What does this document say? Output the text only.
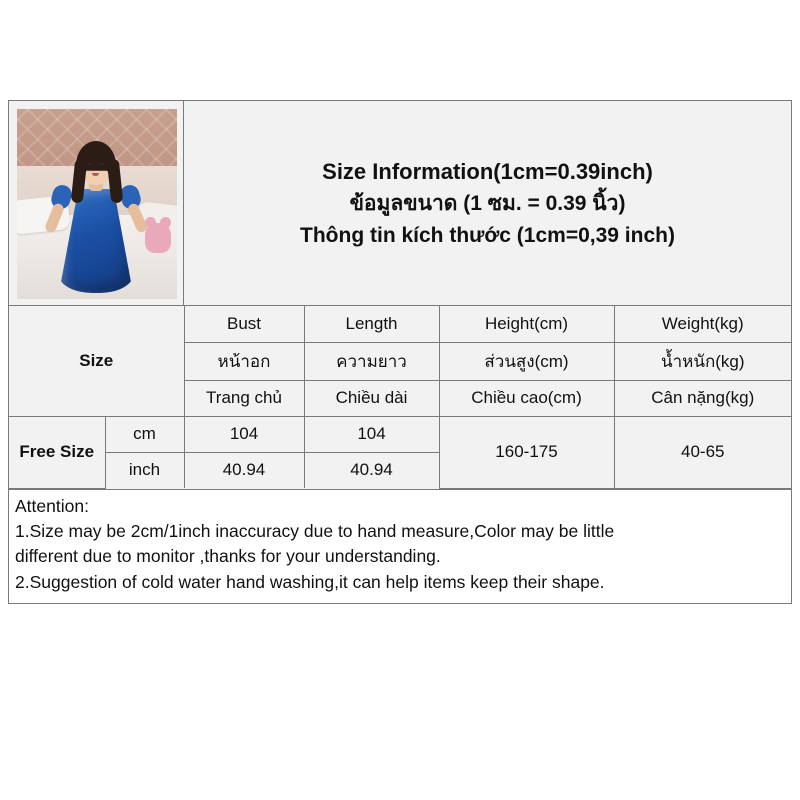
Size Information(1cm=0.39inch)
ข้อมูลขนาด (1 ซม. = 0.39 นิ้ว)
Thông tin kích thước (1cm=0,39 inch)
Size		Bust	Length	Height(cm)	Weight(kg)
		หน้าอก	ความยาว	ส่วนสูง(cm)	น้ำหนัก(kg)
		Trang chủ	Chiều dài	Chiều cao(cm)	Cân nặng(kg)
Free Size	cm	104	104	160-175	40-65
	inch	40.94	40.94		

Attention:

1.Size may be 2cm/1inch inaccuracy due to hand measure,Color may be little

different due to monitor ,thanks for your understanding.

2.Suggestion of cold water hand washing,it can help items keep their shape.
